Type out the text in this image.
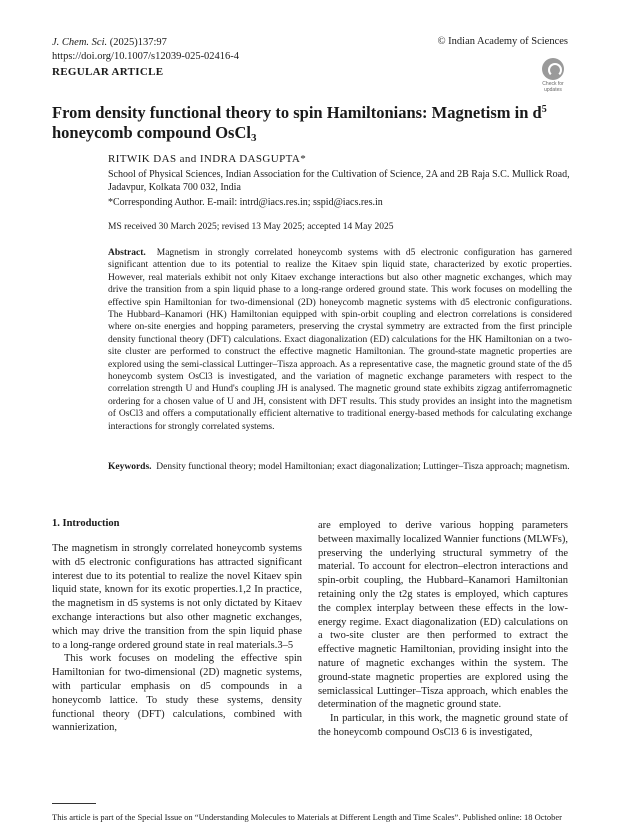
J. Chem. Sci. (2025)137:97
https://doi.org/10.1007/s12039-025-02416-4
© Indian Academy of Sciences
REGULAR ARTICLE
Check for updates
From density functional theory to spin Hamiltonians: Magnetism in $d^5$ honeycomb compound OsCl$_3$
RITWIK DAS and INDRA DASGUPTA*
School of Physical Sciences, Indian Association for the Cultivation of Science, 2A and 2B Raja S.C. Mullick Road, Jadavpur, Kolkata 700 032, India
*Corresponding Author. E-mail: intrd@iacs.res.in; sspid@iacs.res.in
MS received 30 March 2025; revised 13 May 2025; accepted 14 May 2025
Abstract. Magnetism in strongly correlated honeycomb systems with d5 electronic configuration has garnered significant attention due to its potential to realize the Kitaev spin liquid state, characterized by exotic properties. However, real materials exhibit not only Kitaev exchange interactions but also other magnetic exchanges, which may drive the transition from a spin liquid phase to a long-range ordered ground state. This work focuses on modelling the effective spin Hamiltonian for two-dimensional (2D) honeycomb magnetic systems with d5 electronic configurations. The Hubbard–Kanamori (HK) Hamiltonian equipped with spin-orbit coupling and electron correlations is considered where on-site energies and hopping parameters, preserving the crystal symmetry are extracted from the first principle density functional theory (DFT) calculations. Exact diagonalization (ED) calculations for the HK Hamiltonian on a two-site cluster are performed to construct the effective magnetic Hamiltonian. The ground-state magnetic properties are explored using the semi-classical Luttinger–Tisza approach. As a representative case, the magnetic ground state of the d5 honeycomb system OsCl3 is investigated, and the variation of magnetic exchange parameters with respect to the correlation strength U and Hund's coupling JH is analysed. The magnetic ground state exhibits zigzag antiferromagnetic ordering for a chosen value of U and JH, consistent with DFT results. This study provides an insight into the magnetism of OsCl3 and offers a computationally efficient alternative to traditional energy-based methods for calculating exchange interactions for strongly correlated systems.
Keywords. Density functional theory; model Hamiltonian; exact diagonalization; Luttinger–Tisza approach; magnetism.
1. Introduction

The magnetism in strongly correlated honeycomb systems with d5 electronic configurations has attracted significant interest due to its potential to realize the novel Kitaev spin liquid state, known for its exotic properties.1,2 In practice, the magnetism in d5 systems is not only dictated by Kitaev exchange interactions but also other magnetic exchanges, which may drive the transition from the spin liquid phase to a long-range ordered ground state in real materials.3–5

This work focuses on modeling the effective spin Hamiltonian for two-dimensional (2D) magnetic systems, with particular emphasis on d5 compounds in a honeycomb lattice. To study these systems, density functional theory (DFT) calculations, combined with wannierization,

are employed to derive various hopping parameters between maximally localized Wannier functions (MLWFs), preserving the underlying structural symmetry of the material. To account for electron–electron interactions and spin-orbit coupling, the Hubbard–Kanamori Hamiltonian retaining only the t2g states is employed, which captures the complex interplay between these effects in the low-energy regime. Exact diagonalization (ED) calculations on a two-site cluster are then performed to extract the effective magnetic Hamiltonian, providing insight into the nature of magnetic exchanges within the system. The ground-state magnetic properties are explored using the semiclassical Luttinger–Tisza approach, which enables the determination of the magnetic ground state.

In particular, in this work, the magnetic ground state of the honeycomb compound OsCl3 6 is investigated,

This article is part of the Special Issue on “Understanding Molecules to Materials at Different Length and Time Scales”. Published online: 18 October
